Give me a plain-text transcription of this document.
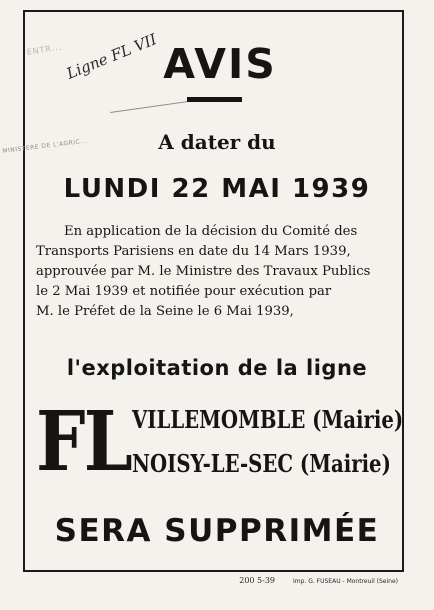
ENTR...
MINISTERE DE L'AGRIC...
Ligne FL VII AVIS
A dater du
LUNDI 22 MAI 1939
En application de la décision du Comité des
Transports Parisiens en date du 14 Mars 1939,
approuvée par M. le Ministre des Travaux Publics
le 2 Mai 1939 et notifiée pour exécution par
M. le Préfet de la Seine le 6 Mai 1939,
l'exploitation de la ligne
FL VILLEMOMBLE (Mairie)
NOISY-LE-SEC (Mairie)
SERA SUPPRIMÉE
200 5-39	Imp. G. FUSEAU - Montreuil (Seine)
